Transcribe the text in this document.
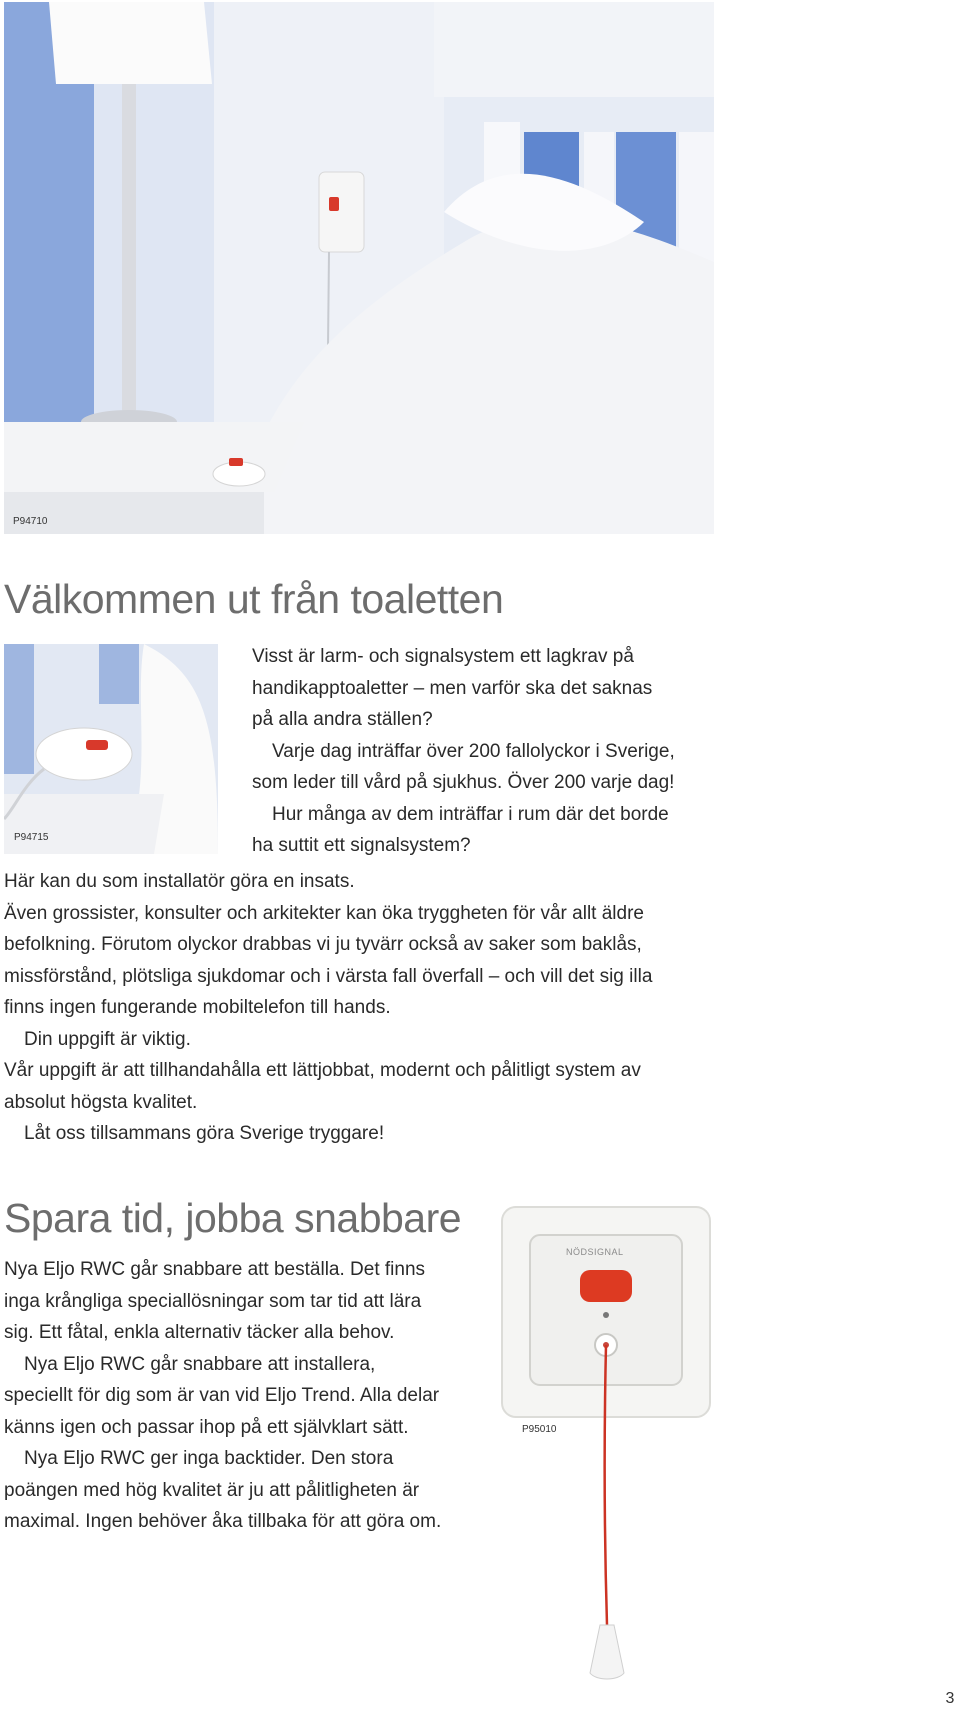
P94710
Välkommen ut från toaletten
P94715

Visst är larm- och signalsystem ett lagkrav på

handikapptoaletter – men varför ska det saknas

på alla andra ställen?

Varje dag inträffar över 200 fallolyckor i Sverige,

som leder till vård på sjukhus. Över 200 varje dag!

Hur många av dem inträffar i rum där det borde

ha suttit ett signalsystem?

Här kan du som installatör göra en insats.

Även grossister, konsulter och arkitekter kan öka tryggheten för vår allt äldre

befolkning. Förutom olyckor drabbas vi ju tyvärr också av saker som baklås,

missförstånd, plötsliga sjukdomar och i värsta fall överfall – och vill det sig illa

finns ingen fungerande mobiltelefon till hands.

Din uppgift är viktig.

Vår uppgift är att tillhandahålla ett lättjobbat, modernt och pålitligt system av

absolut högsta kvalitet.

Låt oss tillsammans göra Sverige tryggare!

Spara tid, jobba snabbare

Nya Eljo RWC går snabbare att beställa. Det finns

inga krångliga speciallösningar som tar tid att lära

sig. Ett fåtal, enkla alternativ täcker alla behov.

Nya Eljo RWC går snabbare att installera,

speciellt för dig som är van vid Eljo Trend. Alla delar

känns igen och passar ihop på ett självklart sätt.

Nya Eljo RWC ger inga backtider. Den stora

poängen med hög kvalitet är ju att pålitligheten är

maximal. Ingen behöver åka tillbaka för att göra om.

NÖDSIGNAL
P95010
3
